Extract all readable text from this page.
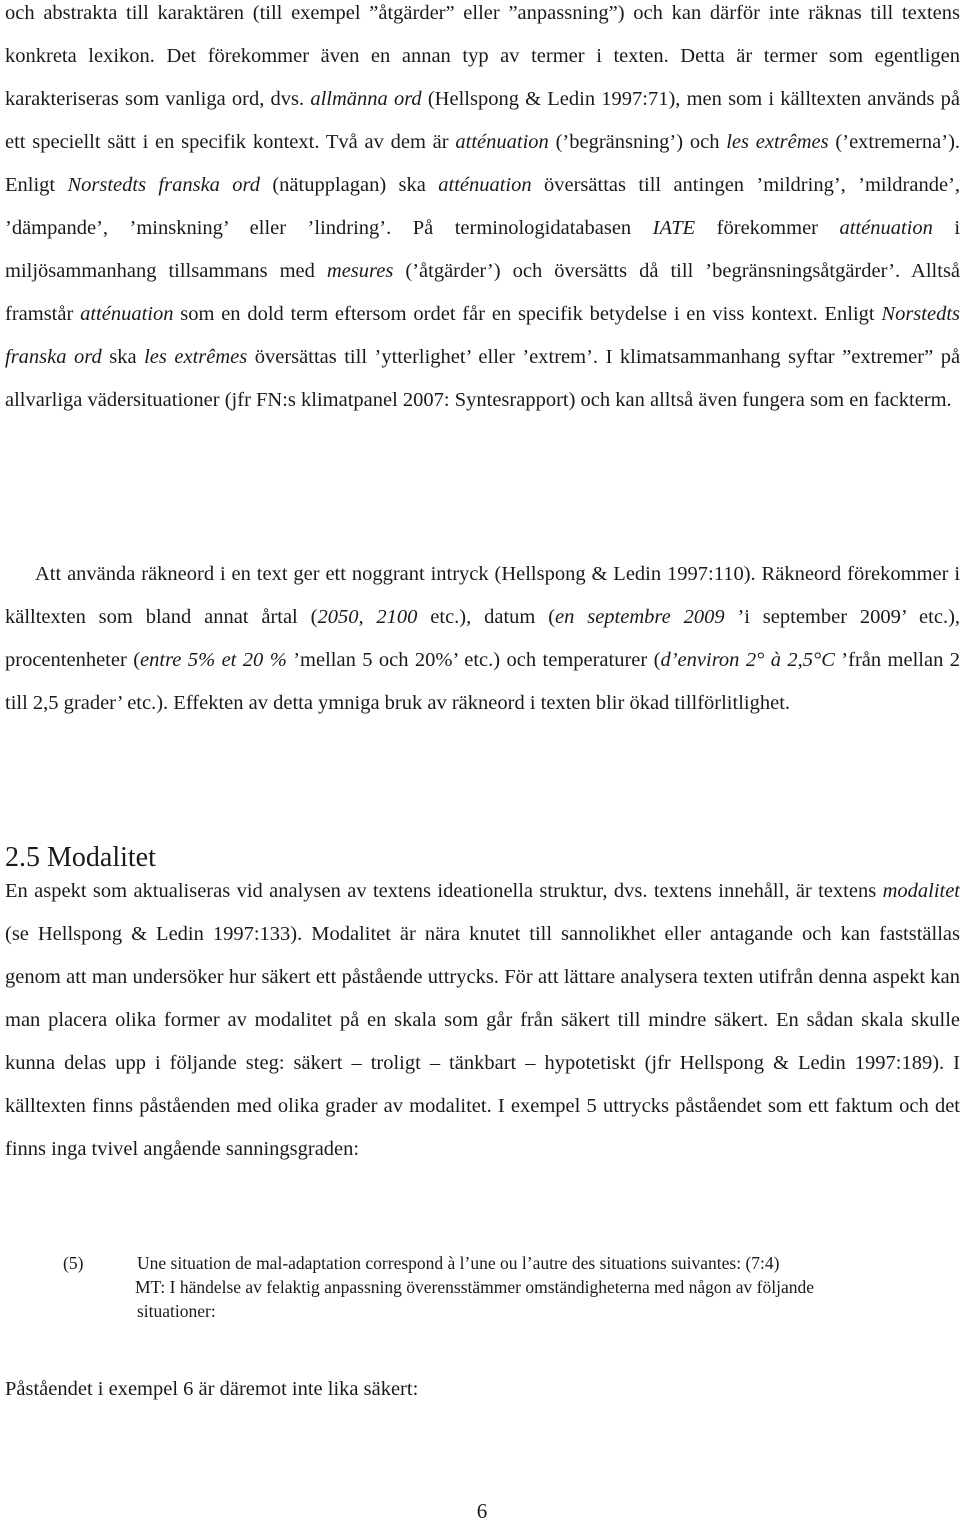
och abstrakta till karaktären (till exempel ”åtgärder” eller ”anpassning”) och kan därför inte räknas till textens konkreta lexikon. Det förekommer även en annan typ av termer i texten. Detta är termer som egentligen karakteriseras som vanliga ord, dvs. allmänna ord (Hellspong & Ledin 1997:71), men som i källtexten används på ett speciellt sätt i en specifik kontext. Två av dem är atténuation (’begränsning’) och les extrêmes (’extremerna’). Enligt Norstedts franska ord (nätupplagan) ska atténuation översättas till antingen ’mildring’, ’mildrande’, ’dämpande’, ’minskning’ eller ’lindring’. På terminologidatabasen IATE förekommer atténuation i miljösammanhang tillsammans med mesures (’åtgärder’) och översätts då till ’begränsningsåtgärder’. Alltså framstår atténuation som en dold term eftersom ordet får en specifik betydelse i en viss kontext. Enligt Norstedts franska ord ska les extrêmes översättas till ’ytterlighet’ eller ’extrem’. I klimatsammanhang syftar ”extremer” på allvarliga vädersituationer (jfr FN:s klimatpanel 2007: Syntesrapport) och kan alltså även fungera som en fackterm.

Att använda räkneord i en text ger ett noggrant intryck (Hellspong & Ledin 1997:110). Räkneord förekommer i källtexten som bland annat årtal (2050, 2100 etc.), datum (en septembre 2009 ’i september 2009’ etc.), procentenheter (entre 5% et 20 % ’mellan 5 och 20%’ etc.) och temperaturer (d’environ 2° à 2,5°C ’från mellan 2 till 2,5 grader’ etc.). Effekten av detta ymniga bruk av räkneord i texten blir ökad tillförlitlighet.

2.5 Modalitet

En aspekt som aktualiseras vid analysen av textens ideationella struktur, dvs. textens innehåll, är textens modalitet (se Hellspong & Ledin 1997:133). Modalitet är nära knutet till sannolikhet eller antagande och kan fastställas genom att man undersöker hur säkert ett påstående uttrycks. För att lättare analysera texten utifrån denna aspekt kan man placera olika former av modalitet på en skala som går från säkert till mindre säkert. En sådan skala skulle kunna delas upp i följande steg: säkert – troligt – tänkbart – hypotetiskt (jfr Hellspong & Ledin 1997:189). I källtexten finns påståenden med olika grader av modalitet. I exempel 5 uttrycks påståendet som ett faktum och det finns inga tvivel angående sanningsgraden:

(5)	Une situation de mal-adaptation correspond à l’une ou l’autre des situations suivantes: (7:4)
MT: I händelse av felaktig anpassning överensstämmer omständigheterna med någon av följande
situationer:

Påståendet i exempel 6 är däremot inte lika säkert:

6
